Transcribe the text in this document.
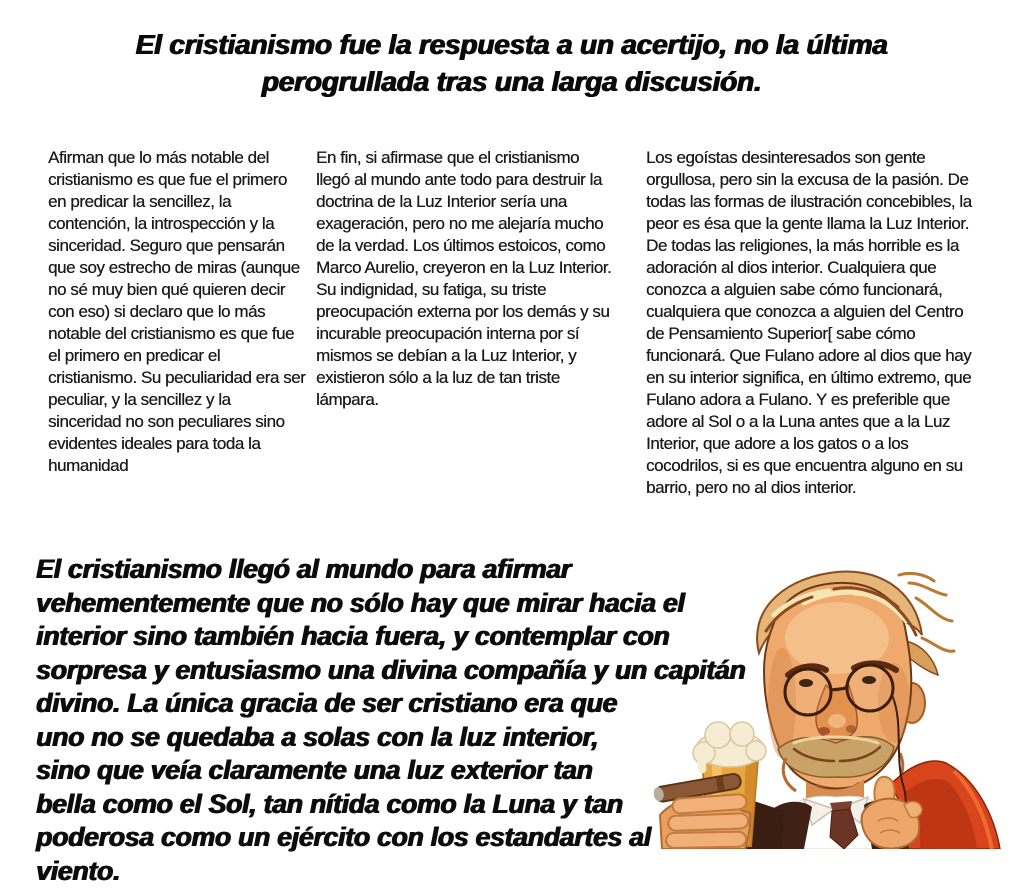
El cristianismo fue la respuesta a un acertijo, no la última perogrullada tras una larga discusión.

Afirman que lo más notable del cristianismo es que fue el primero en predicar la sencillez, la contención, la introspección y la sinceridad. Seguro que pensarán que soy estrecho de miras (aunque no sé muy bien qué quieren decir con eso) si declaro que lo más notable del cristianismo es que fue el primero en predicar el cristianismo. Su peculiaridad era ser peculiar, y la sencillez y la sinceridad no son peculiares sino evidentes ideales para toda la humanidad

En fin, si afirmase que el cristianismo llegó al mundo ante todo para destruir la doctrina de la Luz Interior sería una exageración, pero no me alejaría mucho de la verdad. Los últimos estoicos, como Marco Aurelio, creyeron en la Luz Interior. Su indignidad, su fatiga, su triste preocupación externa por los demás y su incurable preocupación interna por sí mismos se debían a la Luz Interior, y existieron sólo a la luz de tan triste lámpara.

Los egoístas desinteresados son gente orgullosa, pero sin la excusa de la pasión. De todas las formas de ilustración concebibles, la peor es ésa que la gente llama la Luz Interior. De todas las religiones, la más horrible es la adoración al dios interior. Cualquiera que conozca a alguien sabe cómo funcionará, cualquiera que conozca a alguien del Centro de Pensamiento Superior[ sabe cómo funcionará. Que Fulano adore al dios que hay en su interior significa, en último extremo, que Fulano adora a Fulano. Y es preferible que adore al Sol o a la Luna antes que a la Luz Interior, que adore a los gatos o a los cocodrilos, si es que encuentra alguno en su barrio, pero no al dios interior.

El cristianismo llegó al mundo para afirmar vehementemente que no sólo hay que mirar hacia el interior sino también hacia fuera, y contemplar con sorpresa y entusiasmo una divina compañía y un capitán divino. La única gracia de ser cristiano era que uno no se quedaba a solas con la luz interior, sino que veía claramente una luz exterior tan bella como el Sol, tan nítida como la Luna y tan poderosa como un ejército con los estandartes al viento.
